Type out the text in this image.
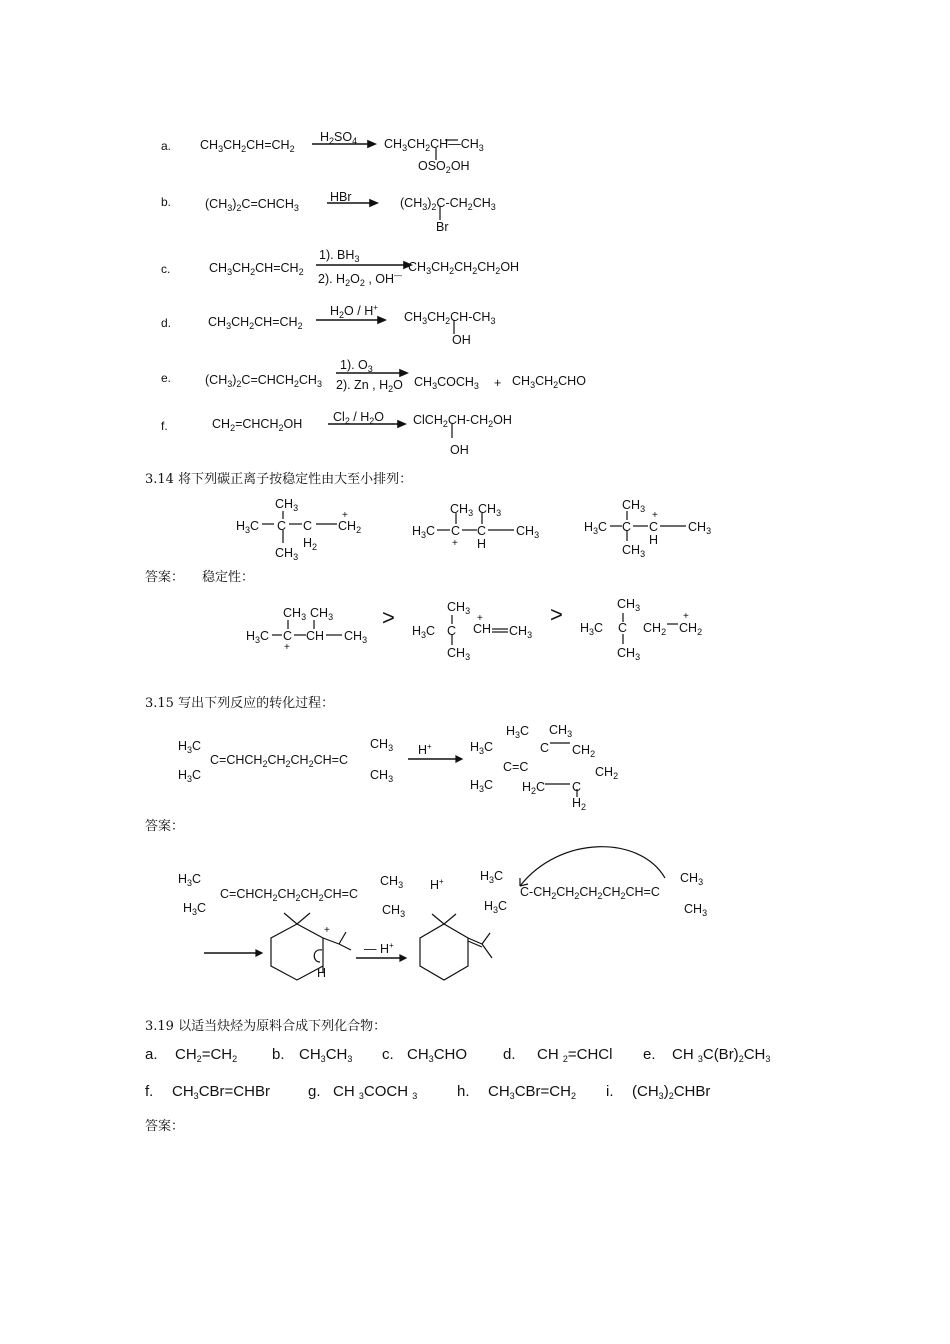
a. $CH_3CH_2CH=CH_2$
$H_2SO_4$ $CH_3CH_2CH—CH_3$
$OSO_2OH$
b.	$(CH_3)_2C=CHCH_3$
HBr	$(CH_3)_2C-CH_2CH_3$
Br
c.	$CH_3CH_2CH=CH_2$
1). $BH_3$
2). $H_2O_2$ , OH—
$CH_3CH_2CH_2CH_2OH$
d.	$CH_3CH_2CH=CH_2$
$H_2O / H^+$
$CH_3CH_2CH-CH_3$
OH
e.	$(CH_3)_2C=CHCH_2CH_3$
1). $O_3$
2). Zn , $H_2O$ $CH_3COCH_3 + CH_3CH_2CHO$
f.	$CH_2=CHCH_2OH$ $Cl_2 / H_2O$ $ClCH_2CH-CH_2OH$
OH
3.14 将下列碳正离子按稳定性由大至小排列：
$CH_3$
$H_3C$ C C
$H_2$
+
$CH_2$
$CH_3$
$CH_3$ $CH_3$
$H_3C$ C C $CH_3$
+ H
$CH_3$
$H_3C$ C
+
C $CH_3$
H
$CH_3$
答案： 稳定性：
$CH_3$ $CH_3$
$H_3C$ C CH $CH_3$
+
>	$CH_3$
$H_3C$ C
+
CH $CH_3$
$CH_3$
>	$CH_3$
$H_3C$ C $CH_2$
+
$CH_2$
$CH_3$
3.15 写出下列反应的转化过程：
$H_3C$
$H_3C$
$C=CHCH_2CH_2CH_2CH=C$
$CH_3$
$CH_3$
H+
$H_3C$ $CH_3$
$H_3C$	C $CH_2$
C=C	$CH_2$
$H_3C$ $H_2C$ C
$H_2$
答案：
$H_3C$
$H_3C$
$C=CHCH_2CH_2CH_2CH=C$
$CH_3$
$CH_3$
H+	$H_3C$
$H_3C$
$C-CH_2CH_2CH_2CH_2CH=C$
$CH_3$
$CH_3$
+
H
— H+
3.19 以适当炔烃为原料合成下列化合物：
a. $CH_2=CH_2$ b. $CH_3CH_3$ c. $CH_3CHO$ d. CH $_2$=CHCl e. CH $_3C(Br)_2CH_3$
f. $CH_3CBr=CHBr$	g. CH $_3$COCH $_3$	h. $CH_3CBr=CH_2$ i. $(CH_3)_2CHBr$
答案：
